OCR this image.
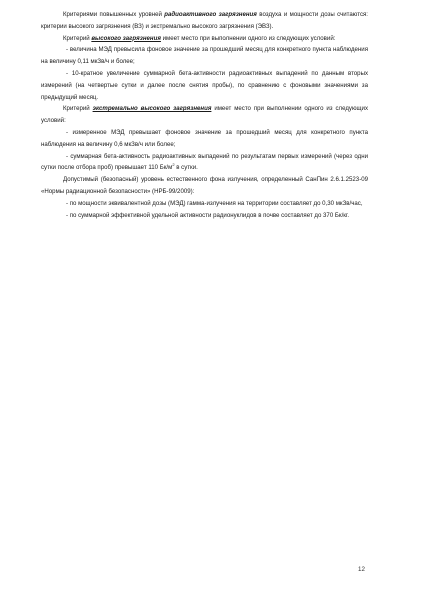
Критериями повышенных уровней радиоактивного загрязнения воздуха и мощности дозы считаются: критерии высокого загрязнения (ВЗ) и экстремально высокого загрязнения (ЭВЗ).

Критерий высокого загрязнения имеет место при выполнении одного из следующих условий:

- величина МЭД превысила фоновое значение за прошедший месяц для конкретного пункта наблюдения на величину 0,11 мкЗв/ч и более;

- 10-кратное увеличение суммарной бета-активности радиоактивных выпадений по данным вторых измерений (на четвертые сутки и далее после снятия пробы), по сравнению с фоновыми значениями за предыдущий месяц.

Критерий экстремально высокого загрязнения имеет место при выполнении одного из следующих условий:

- измеренное МЭД превышает фоновое значение за прошедший месяц для конкретного пункта наблюдения на величину 0,6 мкЗв/ч или более;

- суммарная бета-активность радиоактивных выпадений по результатам первых измерений (через одни сутки после отбора проб) превышает 110 $Бк/м^2$ в сутки.

Допустимый (безопасный) уровень естественного фона излучения, определенный СанПин 2.6.1.2523-09 «Нормы радиационной безопасности» (НРБ-99/2009):

- по мощности эквивалентной дозы (МЭД) гамма-излучения на территории составляет до 0,30 мкЗв/час,

- по суммарной эффективной удельной активности радионуклидов в почве составляет до 370 Бк/кг.

12
